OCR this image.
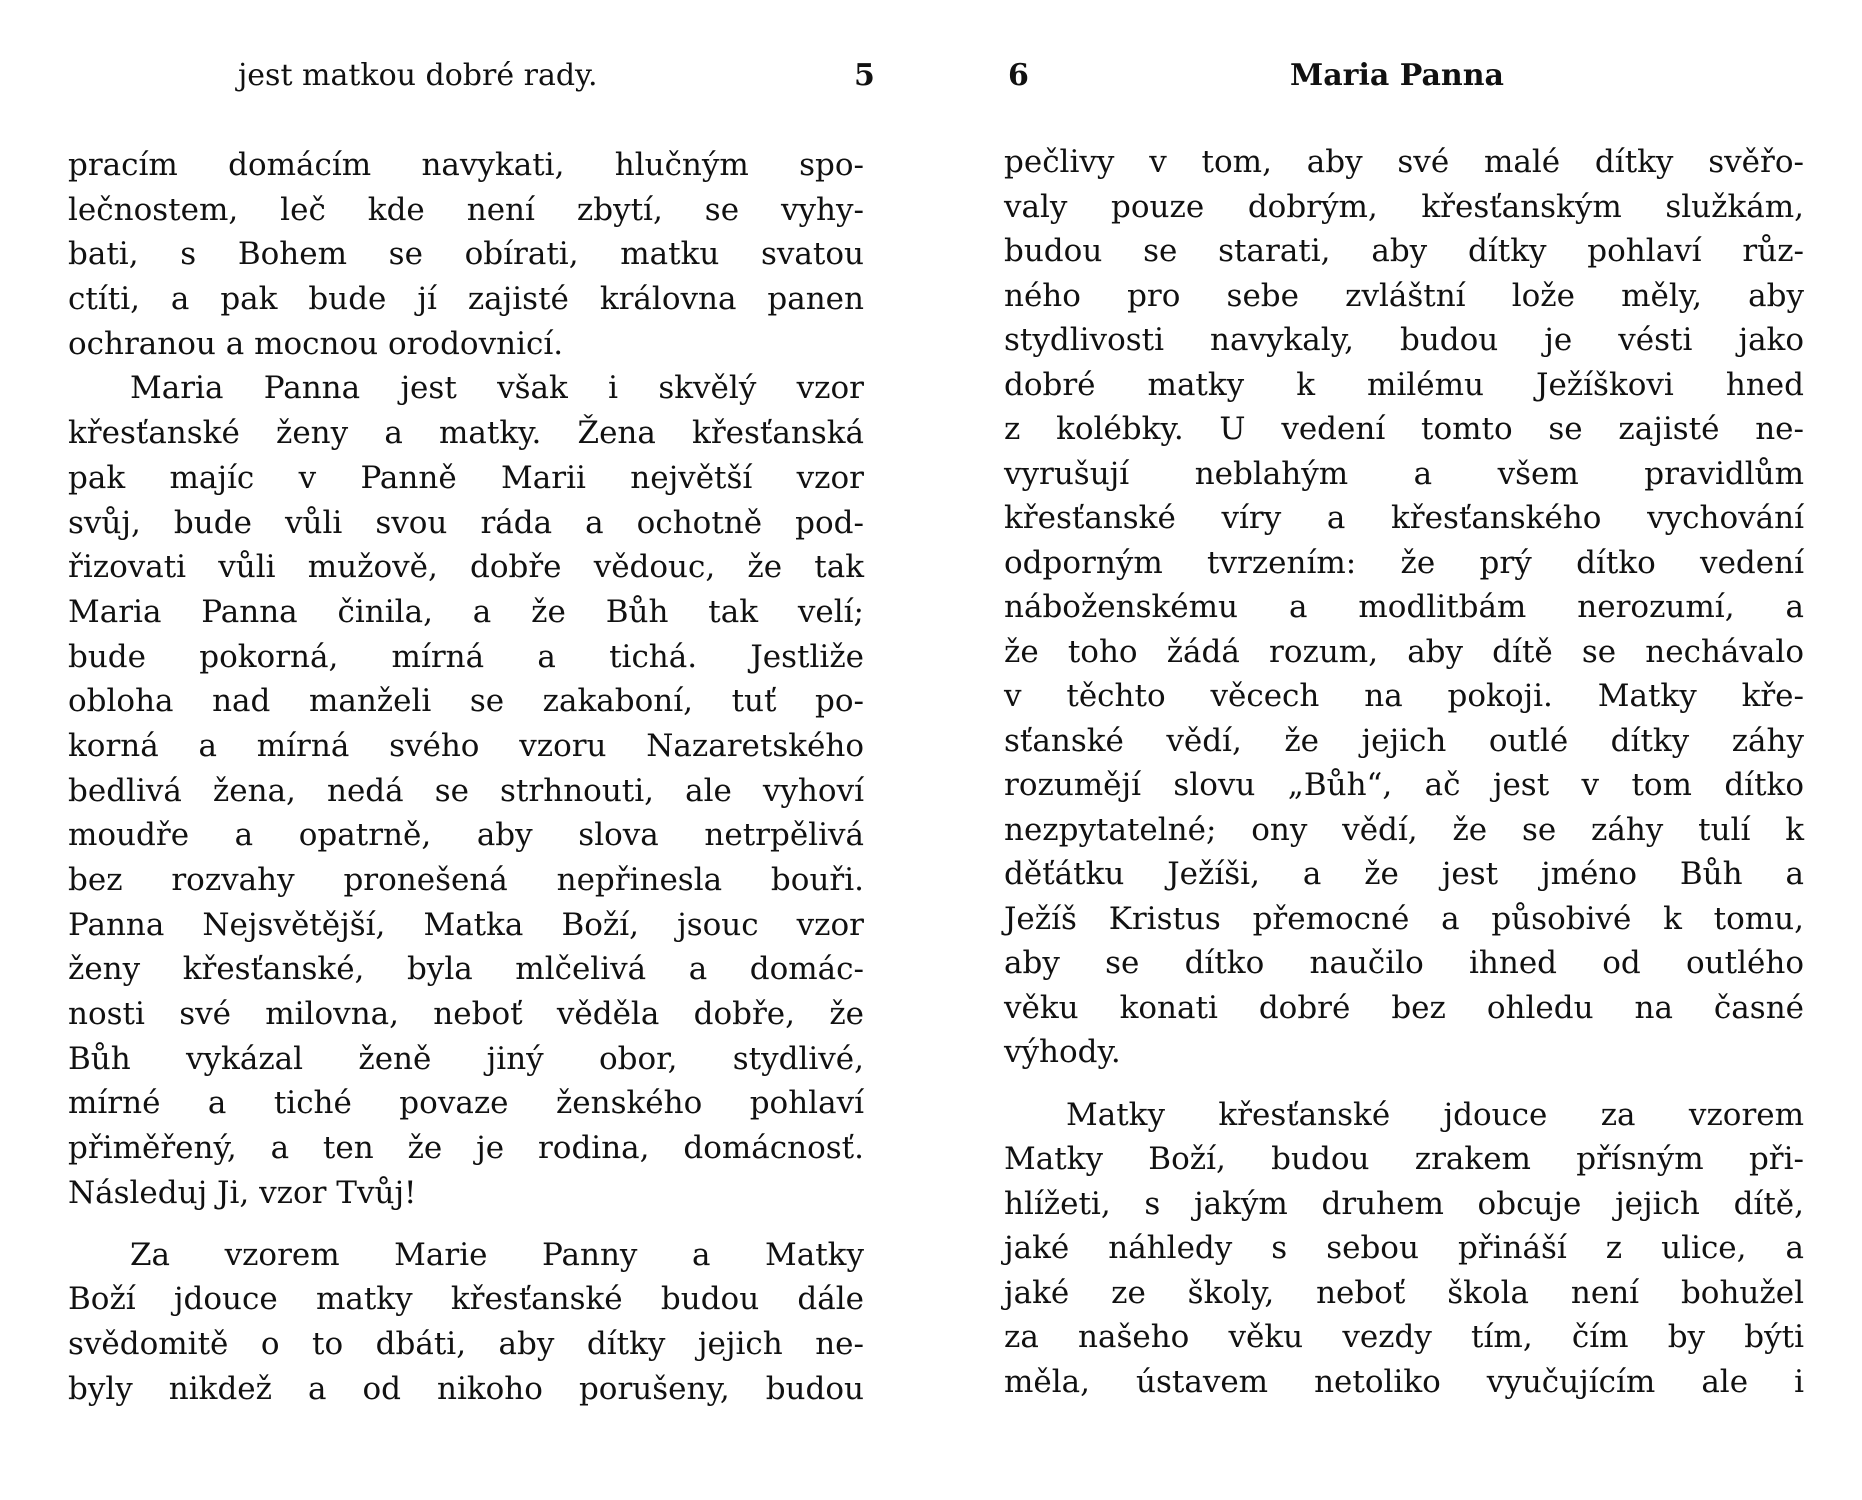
jest matkou dobré rady.	5
pracím domácím navykati, hlučným spo-
lečnostem, leč kde není zbytí, se vyhy-
bati, s Bohem se obírati, matku svatou
ctíti, a pak bude jí zajisté královna panen
ochranou a mocnou orodovnicí.
Maria Panna jest však i skvělý vzor
křesťanské ženy a matky. Žena křesťanská
pak majíc v Panně Marii největší vzor
svůj, bude vůli svou ráda a ochotně pod-
řizovati vůli mužově, dobře vědouc, že tak
Maria Panna činila, a že Bůh tak velí;
bude pokorná, mírná a tichá. Jestliže
obloha nad manželi se zakaboní, tuť po-
korná a mírná svého vzoru Nazaretského
bedlivá žena, nedá se strhnouti, ale vyhoví
moudře a opatrně, aby slova netrpělivá
bez rozvahy pronešená nepřinesla bouři.
Panna Nejsvětější, Matka Boží, jsouc vzor
ženy křesťanské, byla mlčelivá a domác-
nosti své milovna, neboť věděla dobře, že
Bůh vykázal ženě jiný obor, stydlivé,
mírné a tiché povaze ženského pohlaví
přiměřený, a ten že je rodina, domácnosť.
Následuj Ji, vzor Tvůj!
Za vzorem Marie Panny a Matky
Boží jdouce matky křesťanské budou dále
svědomitě o to dbáti, aby dítky jejich ne-
byly nikdež a od nikoho porušeny, budou
6	Maria Panna
pečlivy v tom, aby své malé dítky svěřo-
valy pouze dobrým, křesťanským služkám,
budou se starati, aby dítky pohlaví růz-
ného pro sebe zvláštní lože měly, aby
stydlivosti navykaly, budou je vésti jako
dobré matky k milému Ježíškovi hned
z kolébky. U vedení tomto se zajisté ne-
vyrušují neblahým a všem pravidlům
křesťanské víry a křesťanského vychování
odporným tvrzením: že prý dítko vedení
náboženskému a modlitbám nerozumí, a
že toho žádá rozum, aby dítě se nechávalo
v těchto věcech na pokoji. Matky kře-
sťanské vědí, že jejich outlé dítky záhy
rozumějí slovu „Bůh“, ač jest v tom dítko
nezpytatelné; ony vědí, že se záhy tulí k
děťátku Ježíši, a že jest jméno Bůh a
Ježíš Kristus přemocné a působivé k tomu,
aby se dítko naučilo ihned od outlého
věku konati dobré bez ohledu na časné
výhody.
Matky křesťanské jdouce za vzorem
Matky Boží, budou zrakem přísným při-
hlížeti, s jakým druhem obcuje jejich dítě,
jaké náhledy s sebou přináší z ulice, a
jaké ze školy, neboť škola není bohužel
za našeho věku vezdy tím, čím by býti
měla, ústavem netoliko vyučujícím ale i
